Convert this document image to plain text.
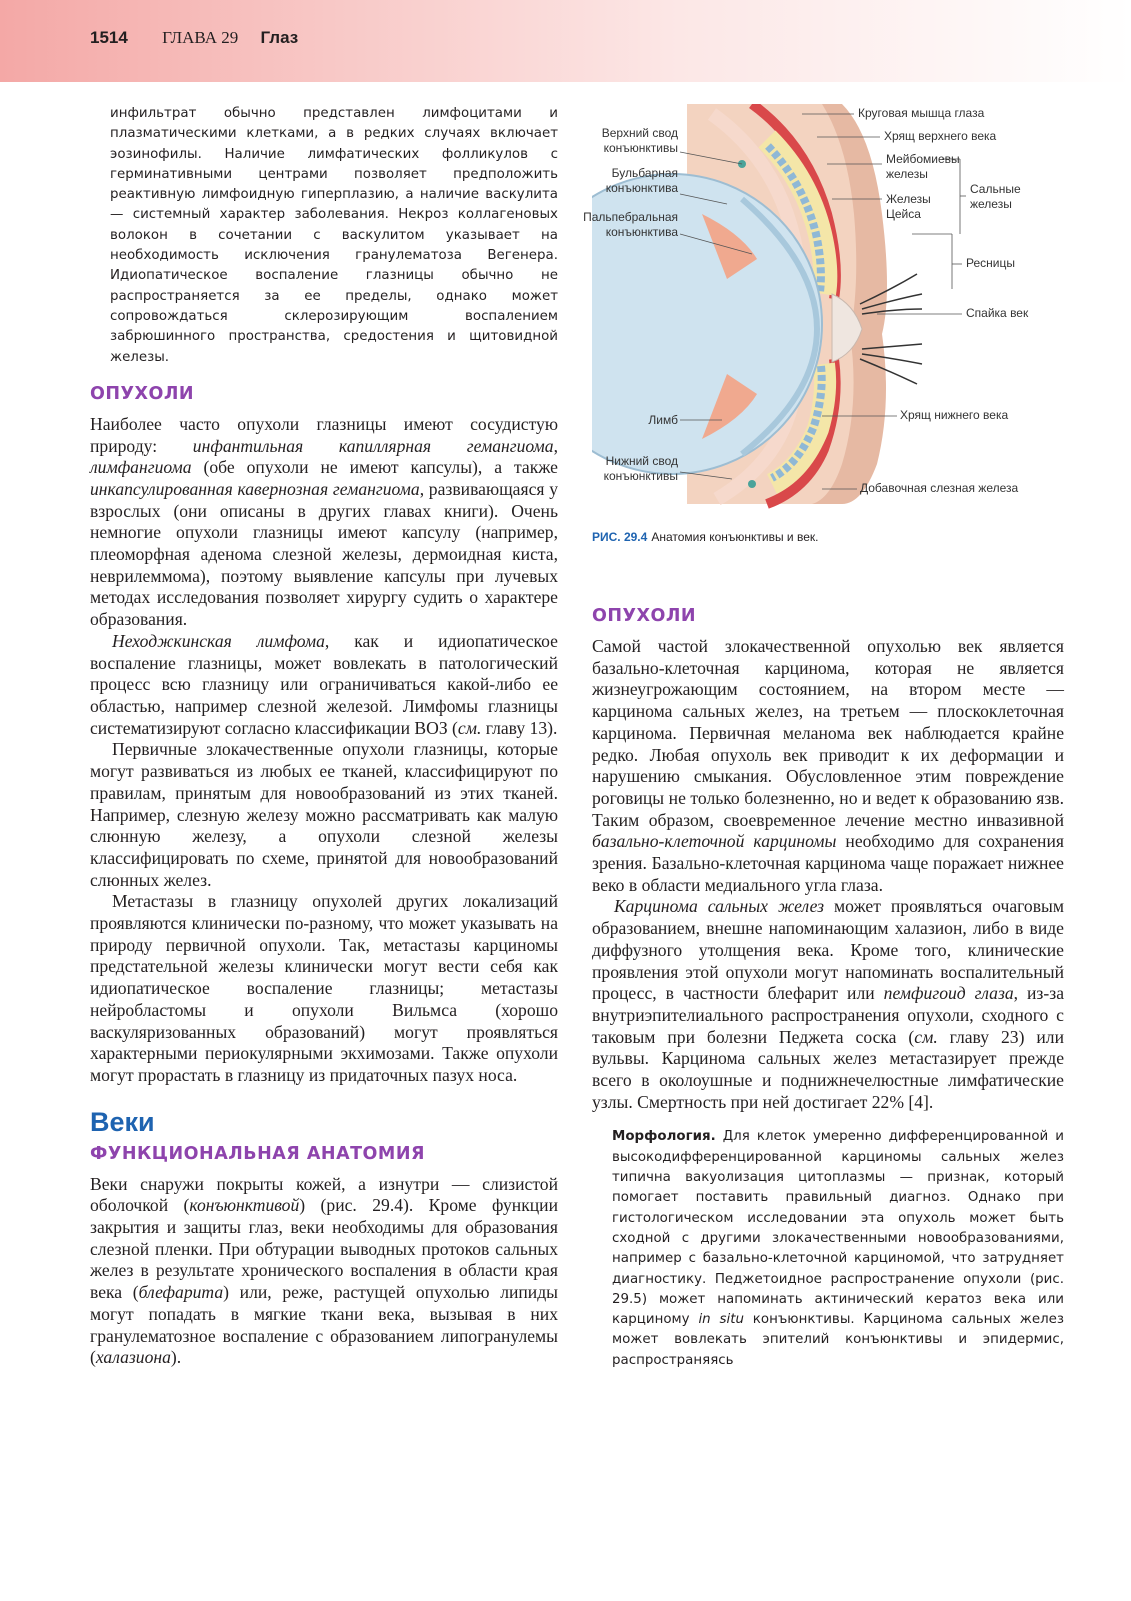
1514 ГЛАВА 29 Глаз

инфильтрат обычно представлен лимфоцитами и плазматическими клетками, а в редких случаях включает эозинофилы. Наличие лимфатических фолликулов с герминативными центрами позволяет предположить реактивную лимфоидную гиперплазию, а наличие васкулита — системный характер заболевания. Некроз коллагеновых волокон в сочетании с васкулитом указывает на необходимость исключения гранулематоза Вегенера. Идиопатическое воспаление глазницы обычно не распространяется за ее пределы, однако может сопровождаться склерозирующим воспалением забрюшинного пространства, средостения и щитовидной железы.

ОПУХОЛИ

Наиболее часто опухоли глазницы имеют сосудистую природу: инфантильная капиллярная гемангиома, лимфангиома (обе опухоли не имеют капсулы), а также инкапсулированная кавернозная гемангиома, развивающаяся у взрослых (они описаны в других главах книги). Очень немногие опухоли глазницы имеют капсулу (например, плеоморфная аденома слезной железы, дермоидная киста, неврилеммома), поэтому выявление капсулы при лучевых методах исследования позволяет хирургу судить о характере образования.

Неходжкинская лимфома, как и идиопатическое воспаление глазницы, может вовлекать в патологический процесс всю глазницу или ограничиваться какой-либо ее областью, например слезной железой. Лимфомы глазницы систематизируют согласно классификации ВОЗ (см. главу 13).

Первичные злокачественные опухоли глазницы, которые могут развиваться из любых ее тканей, классифицируют по правилам, принятым для новообразований из этих тканей. Например, слезную железу можно рассматривать как малую слюнную железу, а опухоли слезной железы классифицировать по схеме, принятой для новообразований слюнных желез.

Метастазы в глазницу опухолей других локализаций проявляются клинически по-разному, что может указывать на природу первичной опухоли. Так, метастазы карциномы предстательной железы клинически могут вести себя как идиопатическое воспаление глазницы; метастазы нейробластомы и опухоли Вильмса (хорошо васкуляризованных образований) могут проявляться характерными периокулярными экхимозами. Также опухоли могут прорастать в глазницу из придаточных пазух носа.

Веки
ФУНКЦИОНАЛЬНАЯ АНАТОМИЯ

Веки снаружи покрыты кожей, а изнутри — слизистой оболочкой (конъюнктивой) (рис. 29.4). Кроме функции закрытия и защиты глаз, веки необходимы для образования слезной пленки. При обтурации выводных протоков сальных желез в результате хронического воспаления в области края века (блефарита) или, реже, растущей опухолью липиды могут попадать в мягкие ткани века, вызывая в них гранулематозное воспаление с образованием липогранулемы (халазиона).

Верхний свод
конъюнктивы
Бульбарная
конъюнктива
Пальпебральная
конъюнктива
Лимб
Нижний свод
конъюнктивы
Круговая мышца глаза
Хрящ верхнего века
Мейбомиевы
железы
Железы
Цейса
Сальные
железы
Ресницы
Спайка век
Хрящ нижнего века
Добавочная слезная железа
РИС. 29.4 Анатомия конъюнктивы и век.
ОПУХОЛИ

Самой частой злокачественной опухолью век является базально-клеточная карцинома, которая не является жизнеугрожающим состоянием, на втором месте — карцинома сальных желез, на третьем — плоскоклеточная карцинома. Первичная меланома век наблюдается крайне редко. Любая опухоль век приводит к их деформации и нарушению смыкания. Обусловленное этим повреждение роговицы не только болезненно, но и ведет к образованию язв. Таким образом, своевременное лечение местно инвазивной базально-клеточной карциномы необходимо для сохранения зрения. Базально-клеточная карцинома чаще поражает нижнее веко в области медиального угла глаза.

Карцинома сальных желез может проявляться очаговым образованием, внешне напоминающим халазион, либо в виде диффузного утолщения века. Кроме того, клинические проявления этой опухоли могут напоминать воспалительный процесс, в частности блефарит или пемфигоид глаза, из-за внутриэпителиального распространения опухоли, сходного с таковым при болезни Педжета соска (см. главу 23) или вульвы. Карцинома сальных желез метастазирует прежде всего в околоушные и поднижнечелюстные лимфатические узлы. Смертность при ней достигает 22% [4].

Морфология. Для клеток умеренно дифференцированной и высокодифференцированной карциномы сальных желез типична вакуолизация цитоплазмы — признак, который помогает поставить правильный диагноз. Однако при гистологическом исследовании эта опухоль может быть сходной с другими злокачественными новообразованиями, например с базально-клеточной карциномой, что затрудняет диагностику. Педжетоидное распространение опухоли (рис. 29.5) может напоминать актинический кератоз века или карциному in situ конъюнктивы. Карцинома сальных желез может вовлекать эпителий конъюнктивы и эпидермис, распространяясь
